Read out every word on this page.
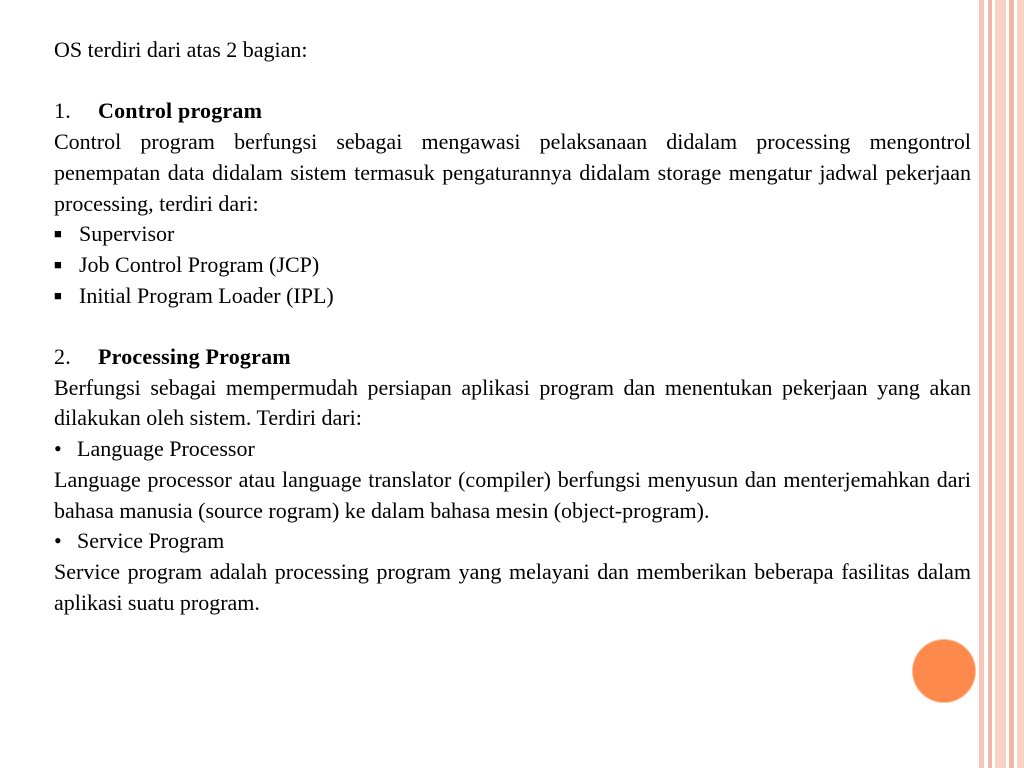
OS terdiri dari atas 2 bagian:

1. Control program

Control program berfungsi sebagai mengawasi pelaksanaan didalam processing mengontrol penempatan data didalam sistem termasuk pengaturannya didalam storage mengatur jadwal pekerjaan processing, terdiri dari:

■ Supervisor

■ Job Control Program (JCP)

■ Initial Program Loader (IPL)

2. Processing Program

Berfungsi sebagai mempermudah persiapan aplikasi program dan menentukan pekerjaan yang akan dilakukan oleh sistem. Terdiri dari:

• Language Processor

Language processor atau language translator (compiler) berfungsi menyusun dan menterjemahkan dari bahasa manusia (source rogram) ke dalam bahasa mesin (object-program).

• Service Program

Service program adalah processing program yang melayani dan memberikan beberapa fasilitas dalam aplikasi suatu program.
